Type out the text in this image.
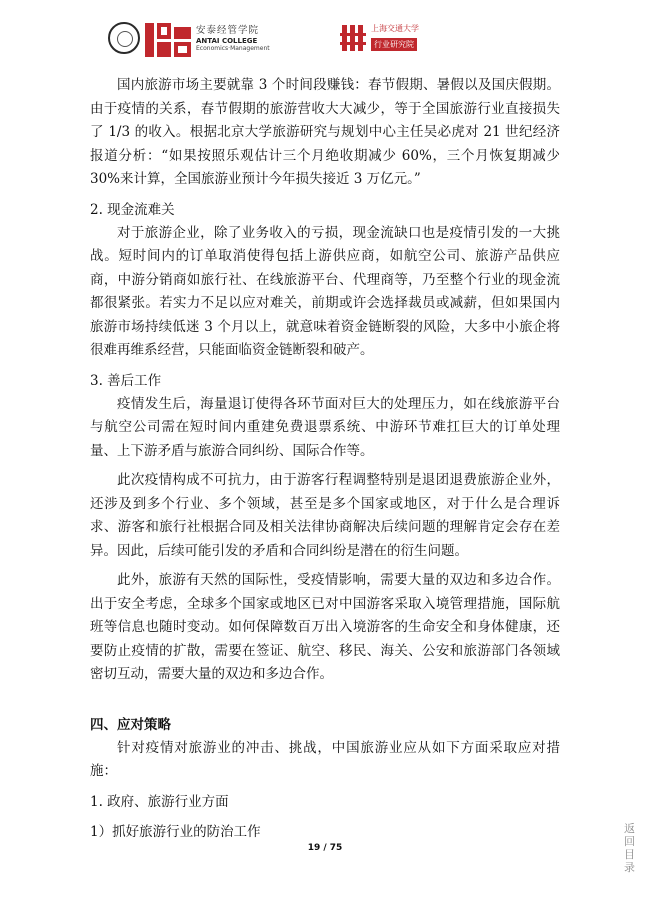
安泰经管学院
ANTAI COLLEGE
Economics·Management
上海交通大学
行业研究院

国内旅游市场主要就靠 3 个时间段赚钱：春节假期、暑假以及国庆假期。由于疫情的关系，春节假期的旅游营收大大减少，等于全国旅游行业直接损失了 1/3 的收入。根据北京大学旅游研究与规划中心主任吴必虎对 21 世纪经济报道分析：“如果按照乐观估计三个月绝收期减少 60%，三个月恢复期减少 30%来计算，全国旅游业预计今年损失接近 3 万亿元。”

2. 现金流难关

对于旅游企业，除了业务收入的亏损，现金流缺口也是疫情引发的一大挑战。短时间内的订单取消使得包括上游供应商，如航空公司、旅游产品供应商，中游分销商如旅行社、在线旅游平台、代理商等，乃至整个行业的现金流都很紧张。若实力不足以应对难关，前期或许会选择裁员或减薪，但如果国内旅游市场持续低迷 3 个月以上，就意味着资金链断裂的风险，大多中小旅企将很难再维系经营，只能面临资金链断裂和破产。

3. 善后工作

疫情发生后，海量退订使得各环节面对巨大的处理压力，如在线旅游平台与航空公司需在短时间内重建免费退票系统、中游环节难扛巨大的订单处理量、上下游矛盾与旅游合同纠纷、国际合作等。

此次疫情构成不可抗力，由于游客行程调整特别是退团退费旅游企业外，还涉及到多个行业、多个领域，甚至是多个国家或地区，对于什么是合理诉求、游客和旅行社根据合同及相关法律协商解决后续问题的理解肯定会存在差异。因此，后续可能引发的矛盾和合同纠纷是潜在的衍生问题。

此外，旅游有天然的国际性，受疫情影响，需要大量的双边和多边合作。出于安全考虑，全球多个国家或地区已对中国游客采取入境管理措施，国际航班等信息也随时变动。如何保障数百万出入境游客的生命安全和身体健康，还要防止疫情的扩散，需要在签证、航空、移民、海关、公安和旅游部门各领域密切互动，需要大量的双边和多边合作。

四、应对策略

针对疫情对旅游业的冲击、挑战，中国旅游业应从如下方面采取应对措施：

1. 政府、旅游行业方面

1）抓好旅游行业的防治工作

19 / 75
返回目录
